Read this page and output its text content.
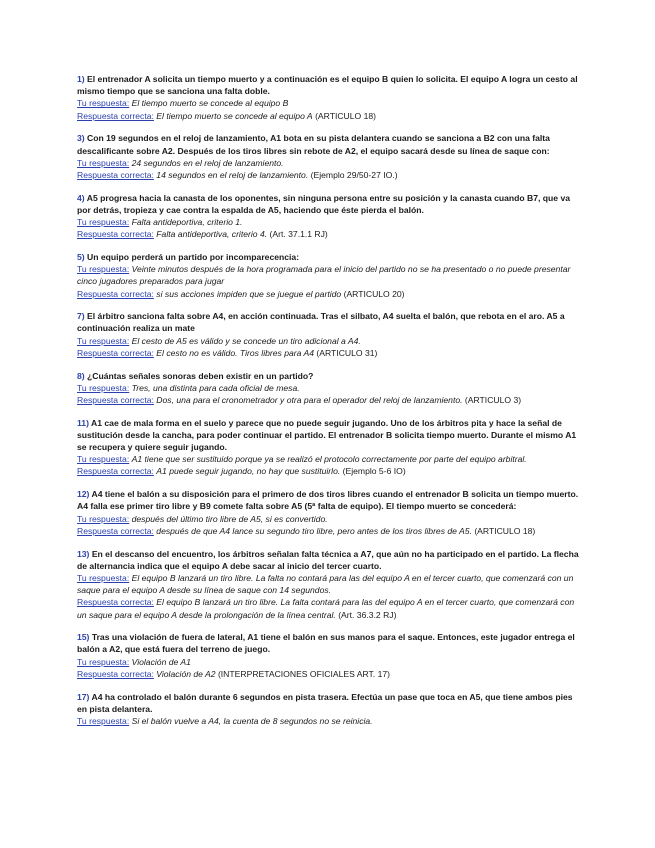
1) El entrenador A solicita un tiempo muerto y a continuación es el equipo B quien lo solicita. El equipo A logra un cesto al mismo tiempo que se sanciona una falta doble.
Tu respuesta: El tiempo muerto se concede al equipo B
Respuesta correcta: El tiempo muerto se concede al equipo A (ARTICULO 18)
3) Con 19 segundos en el reloj de lanzamiento, A1 bota en su pista delantera cuando se sanciona a B2 con una falta descalificante sobre A2. Después de los tiros libres sin rebote de A2, el equipo sacará desde su línea de saque con:
Tu respuesta: 24 segundos en el reloj de lanzamiento.
Respuesta correcta: 14 segundos en el reloj de lanzamiento. (Ejemplo 29/50-27 IO.)
4) A5 progresa hacia la canasta de los oponentes, sin ninguna persona entre su posición y la canasta cuando B7, que va por detrás, tropieza y cae contra la espalda de A5, haciendo que éste pierda el balón.
Tu respuesta: Falta antideportiva, criterio 1.
Respuesta correcta: Falta antideportiva, criterio 4. (Art. 37.1.1 RJ)
5) Un equipo perderá un partido por incomparecencia:
Tu respuesta: Veinte minutos después de la hora programada para el inicio del partido no se ha presentado o no puede presentar cinco jugadores preparados para jugar
Respuesta correcta: si sus acciones impiden que se juegue el partido (ARTICULO 20)
7) El árbitro sanciona falta sobre A4, en acción continuada. Tras el silbato, A4 suelta el balón, que rebota en el aro. A5 a continuación realiza un mate
Tu respuesta: El cesto de A5 es válido y se concede un tiro adicional a A4.
Respuesta correcta: El cesto no es válido. Tiros libres para A4 (ARTICULO 31)
8) ¿Cuántas señales sonoras deben existir en un partido?
Tu respuesta: Tres, una distinta para cada oficial de mesa.
Respuesta correcta: Dos, una para el cronometrador y otra para el operador del reloj de lanzamiento. (ARTICULO 3)
11) A1 cae de mala forma en el suelo y parece que no puede seguir jugando. Uno de los árbitros pita y hace la señal de sustitución desde la cancha, para poder continuar el partido. El entrenador B solicita tiempo muerto. Durante el mismo A1 se recupera y quiere seguir jugando.
Tu respuesta: A1 tiene que ser sustituido porque ya se realizó el protocolo correctamente por parte del equipo arbitral.
Respuesta correcta: A1 puede seguir jugando, no hay que sustituirlo. (Ejemplo 5-6 IO)
12) A4 tiene el balón a su disposición para el primero de dos tiros libres cuando el entrenador B solicita un tiempo muerto. A4 falla ese primer tiro libre y B9 comete falta sobre A5 (5ª falta de equipo). El tiempo muerto se concederá:
Tu respuesta: después del último tiro libre de A5, si es convertido.
Respuesta correcta: después de que A4 lance su segundo tiro libre, pero antes de los tiros libres de A5. (ARTICULO 18)
13) En el descanso del encuentro, los árbitros señalan falta técnica a A7, que aún no ha participado en el partido. La flecha de alternancia indica que el equipo A debe sacar al inicio del tercer cuarto.
Tu respuesta: El equipo B lanzará un tiro libre. La falta no contará para las del equipo A en el tercer cuarto, que comenzará con un saque para el equipo A desde su línea de saque con 14 segundos.
Respuesta correcta: El equipo B lanzará un tiro libre. La falta contará para las del equipo A en el tercer cuarto, que comenzará con un saque para el equipo A desde la prolongación de la línea central. (Art. 36.3.2 RJ)
15) Tras una violación de fuera de lateral, A1 tiene el balón en sus manos para el saque. Entonces, este jugador entrega el balón a A2, que está fuera del terreno de juego.
Tu respuesta: Violación de A1
Respuesta correcta: Violación de A2 (INTERPRETACIONES OFICIALES ART. 17)
17) A4 ha controlado el balón durante 6 segundos en pista trasera. Efectúa un pase que toca en A5, que tiene ambos pies en pista delantera.
Tu respuesta: Si el balón vuelve a A4, la cuenta de 8 segundos no se reinicia.
